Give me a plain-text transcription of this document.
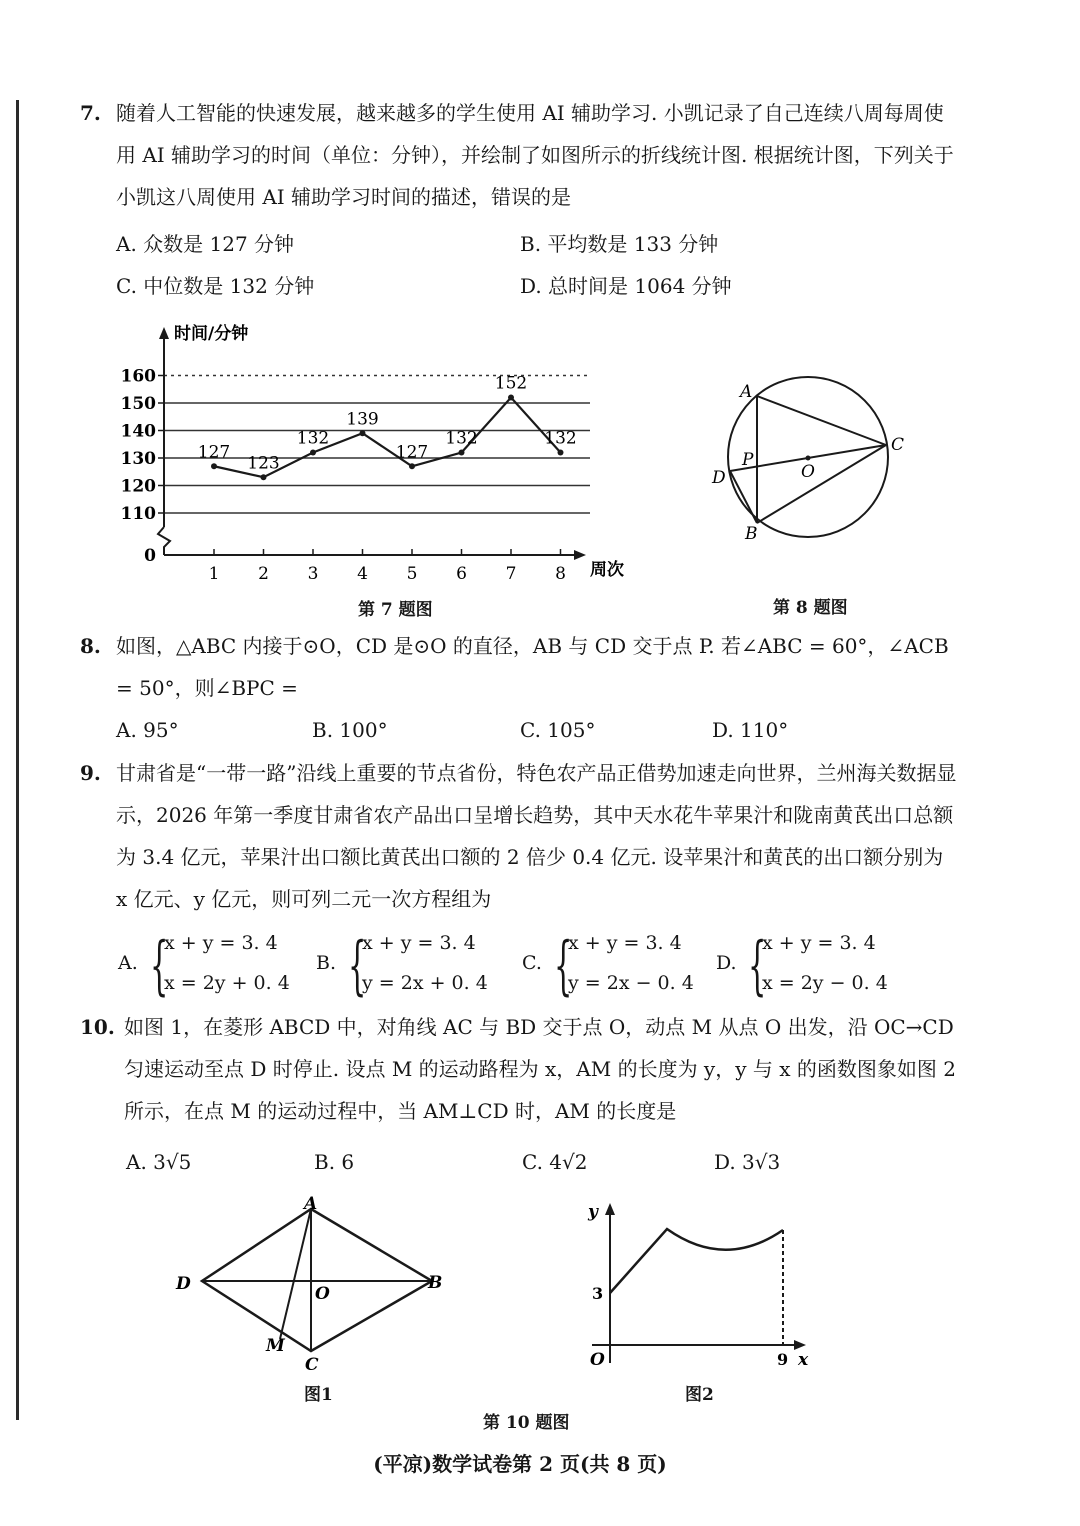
7. 随着人工智能的快速发展，越来越多的学生使用 AI 辅助学习. 小凯记录了自己连续八周每周使用 AI 辅助学习的时间（单位：分钟），并绘制了如图所示的折线统计图. 根据统计图，下列关于小凯这八周使用 AI 辅助学习时间的描述，错误的是
A. 众数是 127 分钟	B. 平均数是 133 分钟
C. 中位数是 132 分钟	D. 总时间是 1064 分钟
0
110
120
130
140
150
160
1 2 3 4 5 6 7 8
127
123
132
139
127
132
152
132
时间/分钟
周次
第 7 题图
A
B
C
D
P
O
第 8 题图
8. 如图，△ABC 内接于⊙O，CD 是⊙O 的直径，AB 与 CD 交于点 P. 若∠ABC = 60°，∠ACB = 50°，则∠BPC =
A. 95°	B. 100°	C. 105°	D. 110°
9. 甘肃省是“一带一路”沿线上重要的节点省份，特色农产品正借势加速走向世界，兰州海关数据显示，2026 年第一季度甘肃省农产品出口呈增长趋势，其中天水花牛苹果汁和陇南黄芪出口总额为 3.4 亿元，苹果汁出口额比黄芪出口额的 2 倍少 0.4 亿元. 设苹果汁和黄芪的出口额分别为 x 亿元、y 亿元，则可列二元一次方程组为
A. {
x + y = 3. 4
x = 2y + 0. 4
B. {
x + y = 3. 4
y = 2x + 0. 4
C. {
x + y = 3. 4
y = 2x − 0. 4
D. {
x + y = 3. 4
x = 2y − 0. 4
10. 如图 1，在菱形 ABCD 中，对角线 AC 与 BD 交于点 O，动点 M 从点 O 出发，沿 OC→CD 匀速运动至点 D 时停止. 设点 M 的运动路程为 x，AM 的长度为 y，y 与 x 的函数图象如图 2 所示，在点 M 的运动过程中，当 AM⊥CD 时，AM 的长度是
A. 3√5	B. 6	C. 4√2	D. 3√3
A
B
C
D	O
M
图1
y
x
O
3
9
图2
第 10 题图
(平凉)数学试卷第 2 页(共 8 页)
